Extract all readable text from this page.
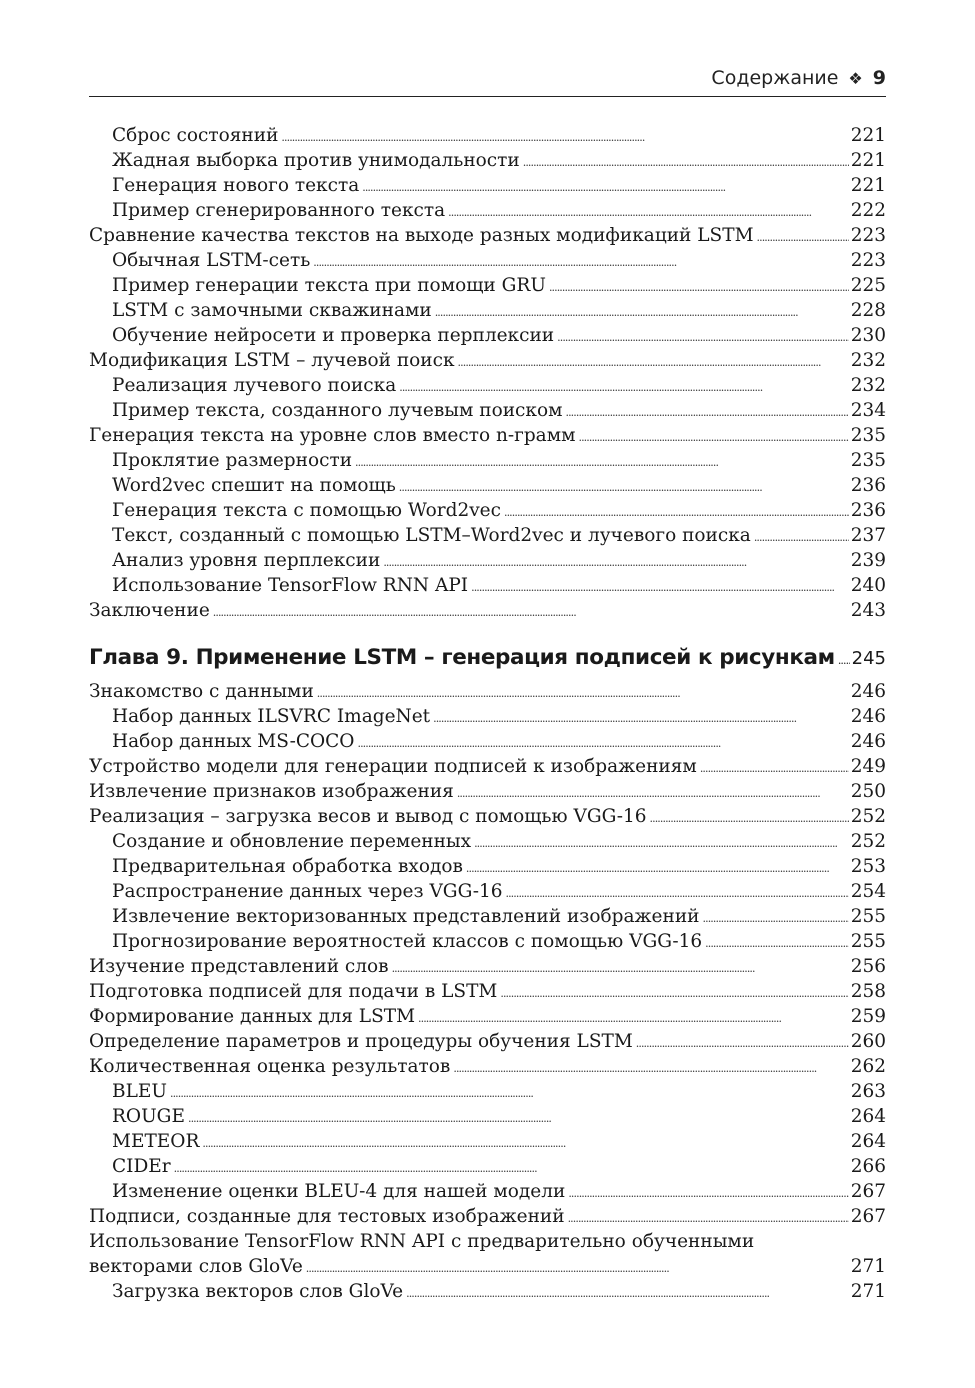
Содержание ❖ 9
Сброс состояний . . .	221
Жадная выборка против унимодальности . . .	221
Генерация нового текста . . .	221
Пример сгенерированного текста . . .	222
Сравнение качества текстов на выходе разных модификаций LSTM . . .	223
Обычная LSTM-сеть . . .	223
Пример генерации текста при помощи GRU . . .	225
LSTM с замочными скважинами . . .	228
Обучение нейросети и проверка перплексии . . .	230
Модификация LSTM – лучевой поиск . . .	232
Реализация лучевого поиска . . .	232
Пример текста, созданного лучевым поиском . . .	234
Генерация текста на уровне слов вместо n-грамм . . .	235
Проклятие размерности . . .	235
Word2vec спешит на помощь . . .	236
Генерация текста с помощью Word2vec . . .	236
Текст, созданный с помощью LSTM–Word2vec и лучевого поиска . . .	237
Анализ уровня перплексии . . .	239
Использование TensorFlow RNN API . . .	240
Заключение . . .	243
Глава 9. Применение LSTM – генерация подписей к рисункам . . . 245
Знакомство с данными . . .	246
Набор данных ILSVRC ImageNet . . .	246
Набор данных MS-COCO . . .	246
Устройство модели для генерации подписей к изображениям . . .	249
Извлечение признаков изображения . . .	250
Реализация – загрузка весов и вывод с помощью VGG-16 . . .	252
Создание и обновление переменных . . .	252
Предварительная обработка входов . . .	253
Распространение данных через VGG-16 . . .	254
Извлечение векторизованных представлений изображений . . .	255
Прогнозирование вероятностей классов с помощью VGG-16 . . .	255
Изучение представлений слов . . .	256
Подготовка подписей для подачи в LSTM . . .	258
Формирование данных для LSTM . . .	259
Определение параметров и процедуры обучения LSTM . . .	260
Количественная оценка результатов . . .	262
BLEU . . .	263
ROUGE . . .	264
METEOR . . .	264
CIDEr . . .	266
Изменение оценки BLEU-4 для нашей модели . . .	267
Подписи, созданные для тестовых изображений . . .	267
Использование TensorFlow RNN API с предварительно обученными
векторами слов GloVe . . .	271
Загрузка векторов слов GloVe . . .	271
